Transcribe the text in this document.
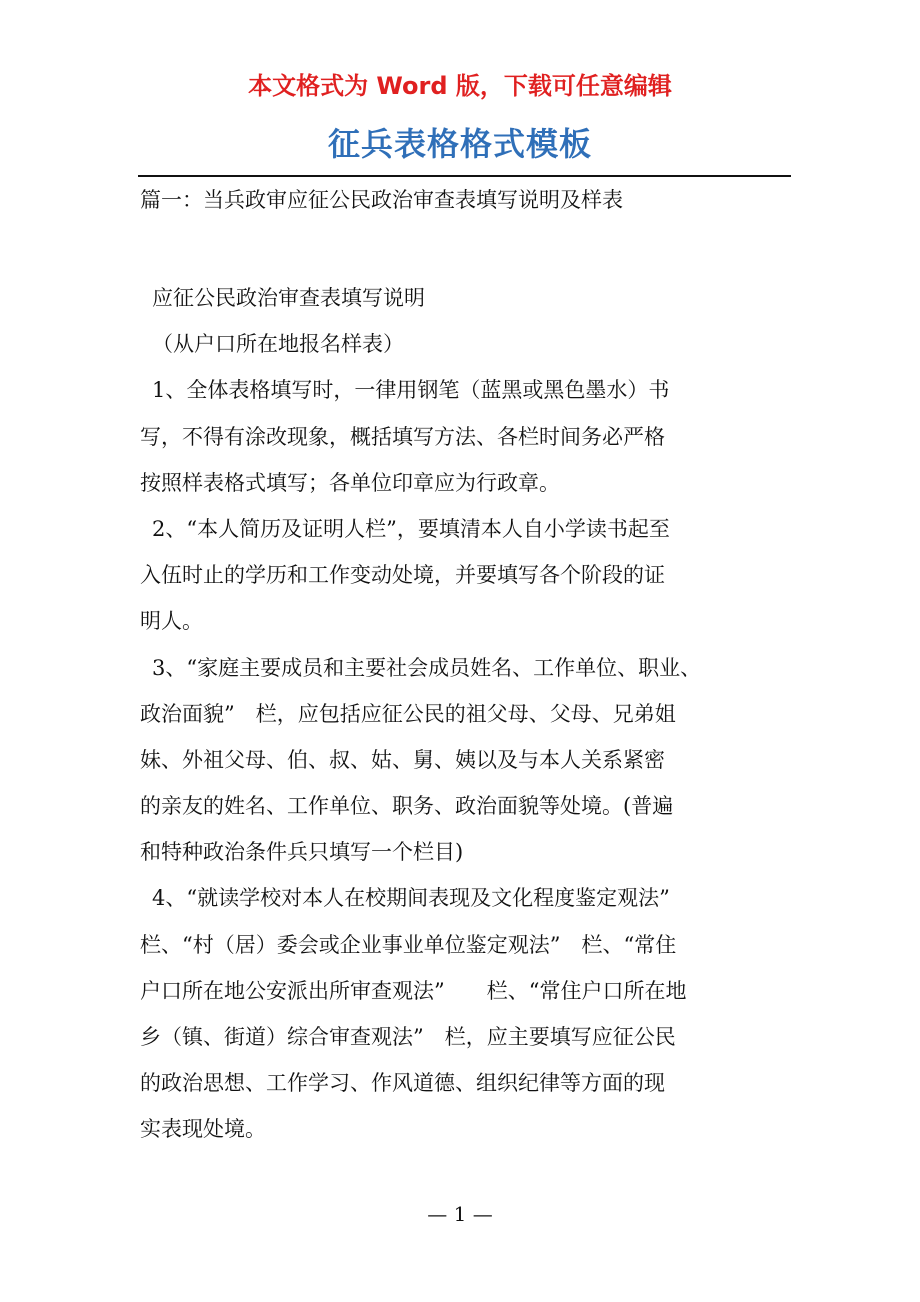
本文格式为 Word 版，下载可任意编辑
征兵表格格式模板
篇一：当兵政审应征公民政治审查表填写说明及样表
应征公民政治审查表填写说明
（从户口所在地报名样表）
1、全体表格填写时，一律用钢笔（蓝黑或黑色墨水）书
写，不得有涂改现象，概括填写方法、各栏时间务必严格
按照样表格式填写；各单位印章应为行政章。
2、“本人简历及证明人栏”，要填清本人自小学读书起至
入伍时止的学历和工作变动处境，并要填写各个阶段的证
明人。
3、“家庭主要成员和主要社会成员姓名、工作单位、职业、
政治面貌”　栏，应包括应征公民的祖父母、父母、兄弟姐
妹、外祖父母、伯、叔、姑、舅、姨以及与本人关系紧密
的亲友的姓名、工作单位、职务、政治面貌等处境。(普遍
和特种政治条件兵只填写一个栏目)
4、“就读学校对本人在校期间表现及文化程度鉴定观法”
栏、“村（居）委会或企业事业单位鉴定观法”　栏、“常住
户口所在地公安派出所审查观法”　　栏、“常住户口所在地
乡（镇、街道）综合审查观法”　栏，应主要填写应征公民
的政治思想、工作学习、作风道德、组织纪律等方面的现
实表现处境。
— 1 —
